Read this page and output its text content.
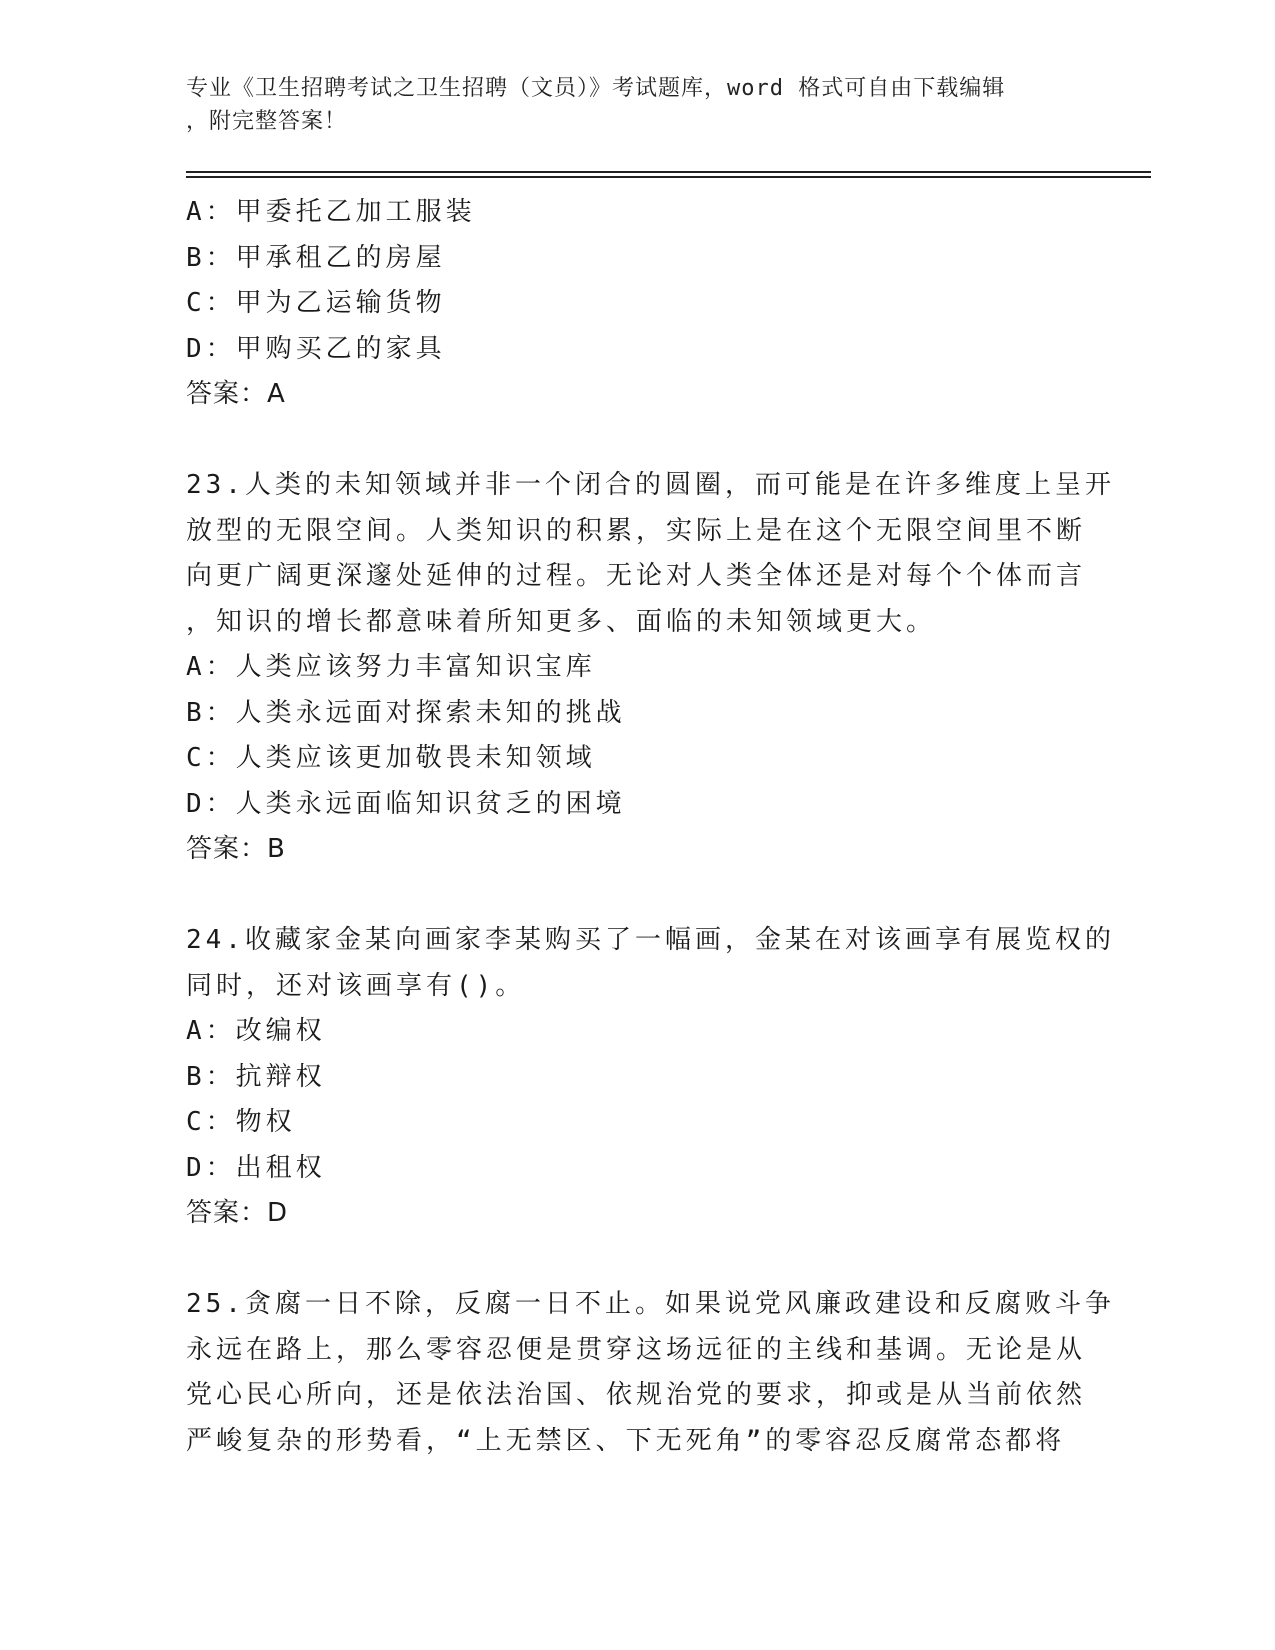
专业《卫生招聘考试之卫生招聘（文员）》考试题库，word 格式可自由下载编辑
，附完整答案！
A：甲委托乙加工服装
B：甲承租乙的房屋
C：甲为乙运输货物
D：甲购买乙的家具
答案：A
23.人类的未知领域并非一个闭合的圆圈，而可能是在许多维度上呈开
放型的无限空间。人类知识的积累，实际上是在这个无限空间里不断
向更广阔更深邃处延伸的过程。无论对人类全体还是对每个个体而言
，知识的增长都意味着所知更多、面临的未知领域更大。
A：人类应该努力丰富知识宝库
B：人类永远面对探索未知的挑战
C：人类应该更加敬畏未知领域
D：人类永远面临知识贫乏的困境
答案：B
24.收藏家金某向画家李某购买了一幅画，金某在对该画享有展览权的
同时，还对该画享有()。
A：改编权
B：抗辩权
C：物权
D：出租权
答案：D
25.贪腐一日不除，反腐一日不止。如果说党风廉政建设和反腐败斗争
永远在路上，那么零容忍便是贯穿这场远征的主线和基调。无论是从
党心民心所向，还是依法治国、依规治党的要求，抑或是从当前依然
严峻复杂的形势看，“上无禁区、下无死角”的零容忍反腐常态都将
